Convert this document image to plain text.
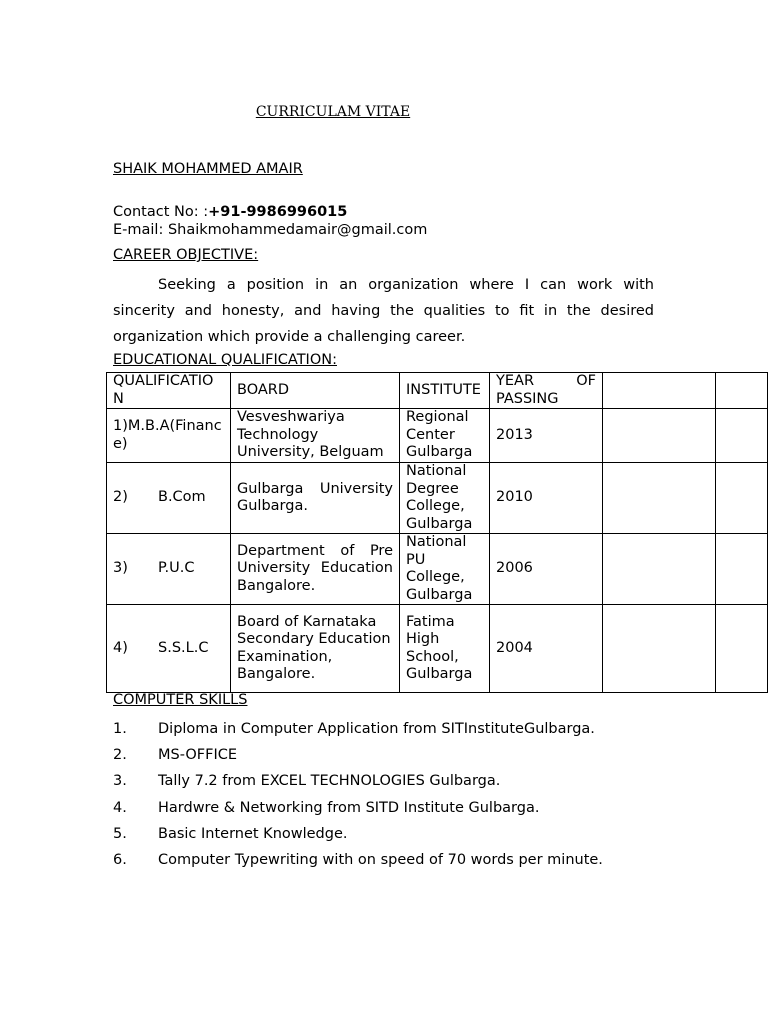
CURRICULAM VITAE
SHAIK MOHAMMED AMAIR
Contact No: :+91-9986996015
E-mail: Shaikmohammedamair@gmail.com
CAREER OBJECTIVE:

Seeking a position in an organization where I can work with sincerity and honesty, and having the qualities to fit in the desired organization which provide a challenging career.

EDUCATIONAL QUALIFICATION:
QUALIFICATION	BOARD	INSTITUTE	YEAR OF PASSING		
1)M.B.A(Finance)	Vesveshwariya Technology University, Belguam	Regional Center Gulbarga	2013		
2) B.Com	Gulbarga University Gulbarga.	National Degree College, Gulbarga	2010		
3) P.U.C	Department of Pre University Education Bangalore.	National PU College, Gulbarga	2006		
4) S.S.L.C	Board of Karnataka Secondary Education Examination, Bangalore.	Fatima High School, Gulbarga	2004		
COMPUTER SKILLS
1. Diploma in Computer Application from SITInstituteGulbarga.
2. MS-OFFICE
3. Tally 7.2 from EXCEL TECHNOLOGIES Gulbarga.
4. Hardwre & Networking from SITD Institute Gulbarga.
5. Basic Internet Knowledge.
6. Computer Typewriting with on speed of 70 words per minute.
